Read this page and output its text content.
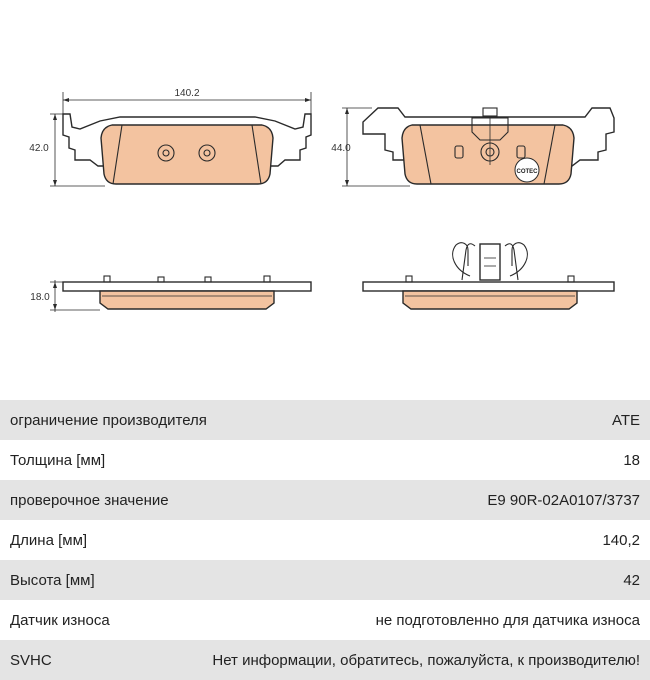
140.2
42.0	44.0
COTEC
18.0
ограничение производителя	ATE
Толщина [мм]	18
проверочное значение	E9 90R-02A0107/3737
Длина [мм]	140,2
Высота [мм]	42
Датчик износа	не подготовленно для датчика износа
SVHC	Нет информации, обратитесь, пожалуйста, к производителю!
